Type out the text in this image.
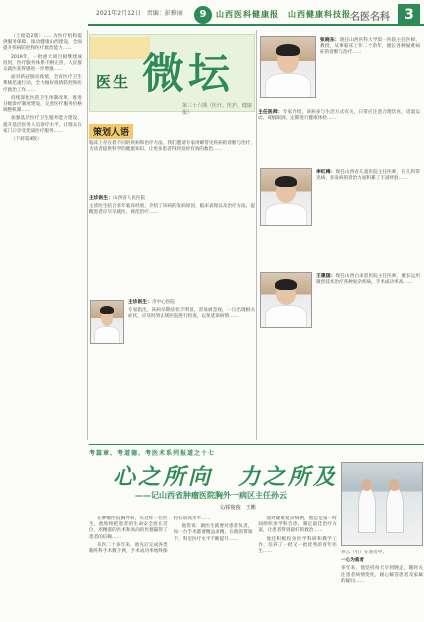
2021年2月12日　责编：彭雅丽	9	山西医科健康报　山西健康科技报 名医名科	3

（上接第2版）……为医疗机构提供服务保障，推动健康山西建设，全面提升疾病防控和医疗救治能力……

2019年，一批重大项目相继建成投用，医疗服务体系不断完善，人民群众就医获得感进一步增强……

面对新冠肺炎疫情，全省医疗卫生系统迅速行动，全力做好疫情防控和医疗救治工作……

持续深化医药卫生体制改革，推进分级诊疗制度建设，完善医疗服务价格调整机制……

加强基层医疗卫生服务能力建设，提升基层医务人员诊疗水平，让群众在家门口享受优质医疗服务……

（下转第4版）

医生 微坛
第三十六期（医疗、医护、健康报）
策划人语

临床上存在着不同的疾病和治疗方法，我们邀请专家讲解常见疾病的诊断与治疗，为读者提供科学的健康知识，让更多患者得到及时有效的救治……

主诊医生：山西省人民医院

主诊医生结合多年临床经验，介绍了该病的发病原因、临床表现以及治疗方法，提醒患者应尽早就医，规范治疗……

主诊医生：市中心医院

专家指出，该病早期症状不明显，容易被忽视，一旦出现相关症状，应及时到正规医院进行检查，以免延误病情……

张晓东：现任山西医科大学第一医院主任医师、教授，从事临床工作二十余年，擅长各种疑难病症的诊断与治疗……

主任医师：专家介绍，该病多与生活方式有关，日常应注意合理饮食、适量运动、戒烟限酒，定期进行健康体检……

李红梅：现任山西省儿童医院主任医师，在儿科常见病、多发病的诊治方面积累了丰富经验……

王建国：现任山西白求恩医院主任医师，擅长运用微创技术治疗各种复杂疾病，手术成功率高……

考篇章、考道德、考医术系列报道之十七
心之所向　力之所及
——记山西省肿瘤医院胸外一病区主任孙云
文/霍俊俊　王鹏

在肿瘤医院胸外科，有这样一位医生，他始终把患者的生命安全放在首位，用精湛的医术和高尚的医德赢得了患者的信赖……

从医二十多年来，他先后完成各类胸外科手术数千例，手术成功率始终保持在较高水平……

他常说：做医生就要对患者负责，每一台手术都要精益求精。在他的带领下，科室医疗水平不断提升……

面对疑难复杂病例，他总是第一时间组织多学科会诊，制定最佳治疗方案，让患者得到最好的救治……

他还积极投身医学科研和教学工作，培养了一批又一批优秀的青年医生……	孙云（右）在查房中。
一心为患者
多年来，他坚持每天早到晚走，随时关注患者病情变化，耐心解答患者及家属的疑问……
